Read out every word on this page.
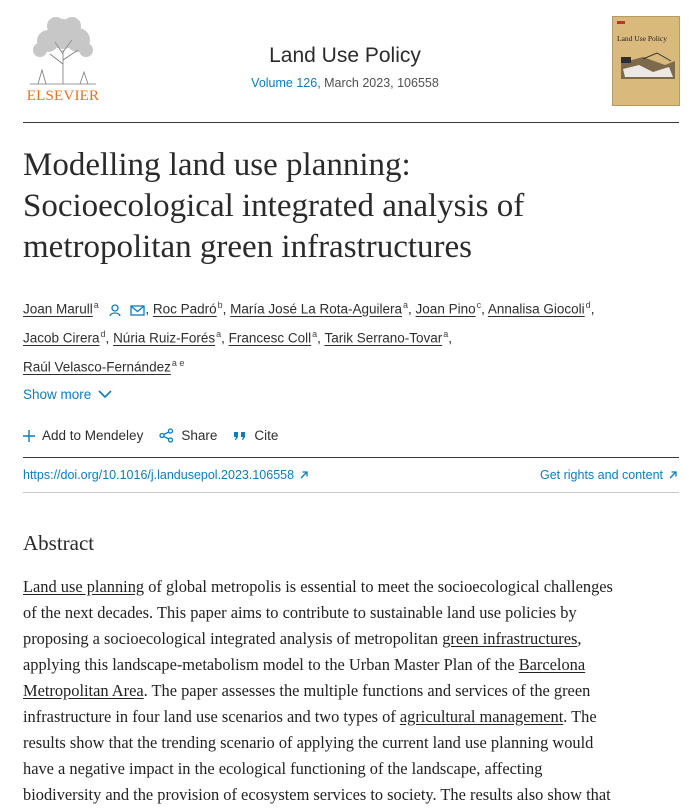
ELSEVIER
Land Use Policy
Volume 126, March 2023, 106558
Land Use Policy
Modelling land use planning:
Socioecological integrated analysis of
metropolitan green infrastructures
Joan Marull$^a$	, Roc Padró$^b$, María José La Rota-Aguilera$^a$, Joan Pino$^c$, Annalisa Giocoli$^d$,
Jacob Cirera$^d$, Núria Ruiz-Forés$^a$, Francesc Coll$^a$, Tarik Serrano-Tovar$^a$,
Raúl Velasco-Fernández$^{a e}$
Show more
Add to Mendeley	Share	Cite
https://doi.org/10.1016/j.landusepol.2023.106558	Get rights and content
Abstract
Land use planning of global metropolis is essential to meet the socioecological challenges
of the next decades. This paper aims to contribute to sustainable land use policies by
proposing a socioecological integrated analysis of metropolitan green infrastructures,
applying this landscape-metabolism model to the Urban Master Plan of the Barcelona
Metropolitan Area. The paper assesses the multiple functions and services of the green
infrastructure in four land use scenarios and two types of agricultural management. The
results show that the trending scenario of applying the current land use planning would
have a negative impact in the ecological functioning of the landscape, affecting
biodiversity and the provision of ecosystem services to society. The results also show that
